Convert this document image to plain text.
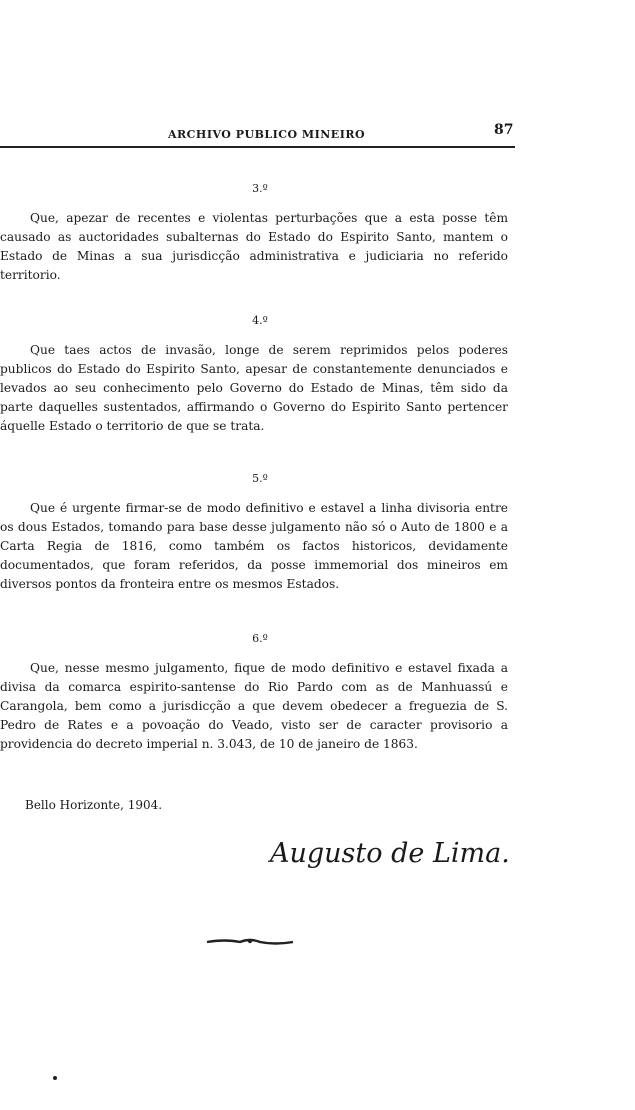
ARCHIVO PUBLICO MINEIRO	87
3.º

Que, apezar de recentes e violentas perturbações que a esta posse têm causado as auctoridades subalternas do Estado do Espirito Santo, mantem o Estado de Minas a sua jurisdicção administrativa e judiciaria no referido territorio.

4.º

Que taes actos de invasão, longe de serem reprimidos pelos poderes publicos do Estado do Espirito Santo, apesar de constantemente denunciados e levados ao seu conhecimento pelo Governo do Estado de Minas, têm sido da parte daquelles sustentados, affirmando o Governo do Espirito Santo pertencer áquelle Estado o territorio de que se trata.

5.º

Que é urgente firmar-se de modo definitivo e estavel a linha divisoria entre os dous Estados, tomando para base desse julgamento não só o Auto de 1800 e a Carta Regia de 1816, como também os factos historicos, devidamente documentados, que foram referidos, da posse immemorial dos mineiros em diversos pontos da fronteira entre os mesmos Estados.

6.º

Que, nesse mesmo julgamento, fique de modo definitivo e estavel fixada a divisa da comarca espirito-santense do Rio Pardo com as de Manhuassú e Carangola, bem como a jurisdicção a que devem obedecer a freguezia de S. Pedro de Rates e a povoação do Veado, visto ser de caracter provisorio a providencia do decreto imperial n. 3.043, de 10 de janeiro de 1863.

Bello Horizonte, 1904.
Augusto de Lima.
